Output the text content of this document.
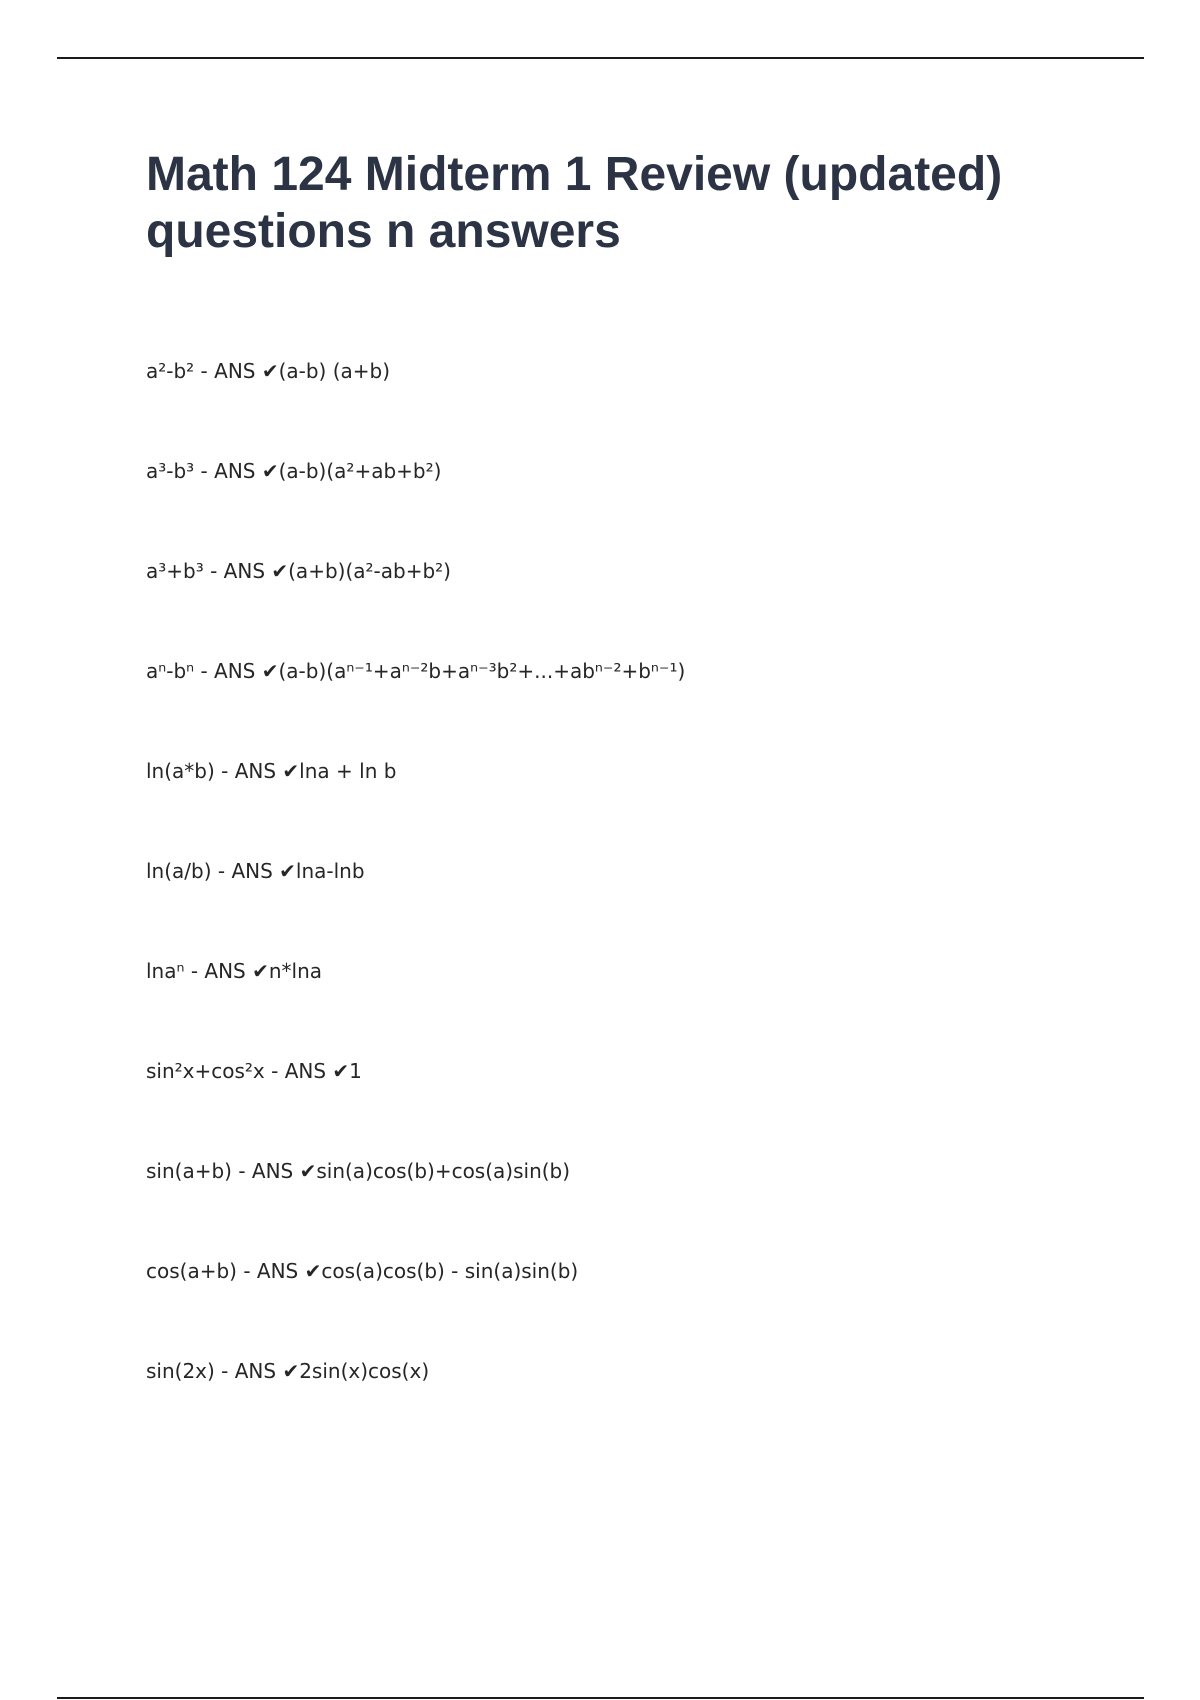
Math 124 Midterm 1 Review (updated) questions n answers
a²-b² - ANS ✔(a-b) (a+b)
a³-b³ - ANS ✔(a-b)(a²+ab+b²)
a³+b³ - ANS ✔(a+b)(a²-ab+b²)
aⁿ-bⁿ - ANS ✔(a-b)(aⁿ⁻¹+aⁿ⁻²b+aⁿ⁻³b²+...+abⁿ⁻²+bⁿ⁻¹)
ln(a*b) - ANS ✔lna + ln b
ln(a/b) - ANS ✔lna-lnb
lnaⁿ - ANS ✔n*lna
sin²x+cos²x - ANS ✔1
sin(a+b) - ANS ✔sin(a)cos(b)+cos(a)sin(b)
cos(a+b) - ANS ✔cos(a)cos(b) - sin(a)sin(b)
sin(2x) - ANS ✔2sin(x)cos(x)
